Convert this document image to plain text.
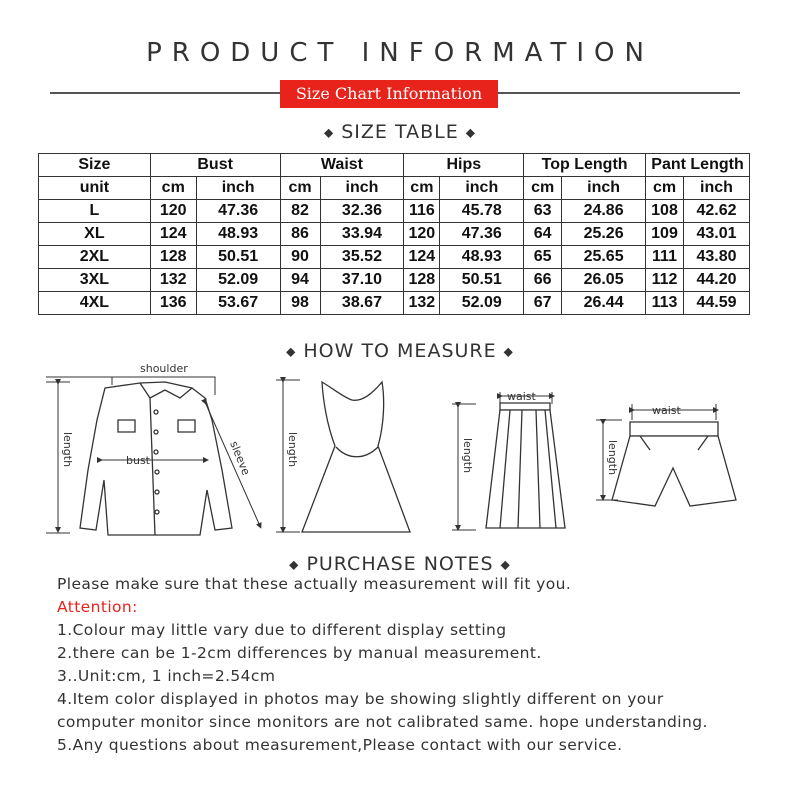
PRODUCT INFORMATION
Size Chart Information
◆ SIZE TABLE ◆
Size	Bust		Waist		Hips		Top Length		Pant Length	
unit	cm	inch	cm	inch	cm	inch	cm	inch	cm	inch
L	120	47.36	82	32.36	116	45.78	63	24.86	108	42.62
XL	124	48.93	86	33.94	120	47.36	64	25.26	109	43.01
2XL	128	50.51	90	35.52	124	48.93	65	25.65	111	43.80
3XL	132	52.09	94	37.10	128	50.51	66	26.05	112	44.20
4XL	136	53.67	98	38.67	132	52.09	67	26.44	113	44.59
◆ HOW TO MEASURE ◆
shoulder
bust	sleeve
length	length
waist
length
waist
length
◆ PURCHASE NOTES ◆
Please make sure that these actually measurement will fit you.
Attention:
1.Colour may little vary due to different display setting
2.there can be 1-2cm differences by manual measurement.
3..Unit:cm, 1 inch=2.54cm
4.Item color displayed in photos may be showing slightly different on your
computer monitor since monitors are not calibrated same. hope understanding.
5.Any questions about measurement,Please contact with our service.
